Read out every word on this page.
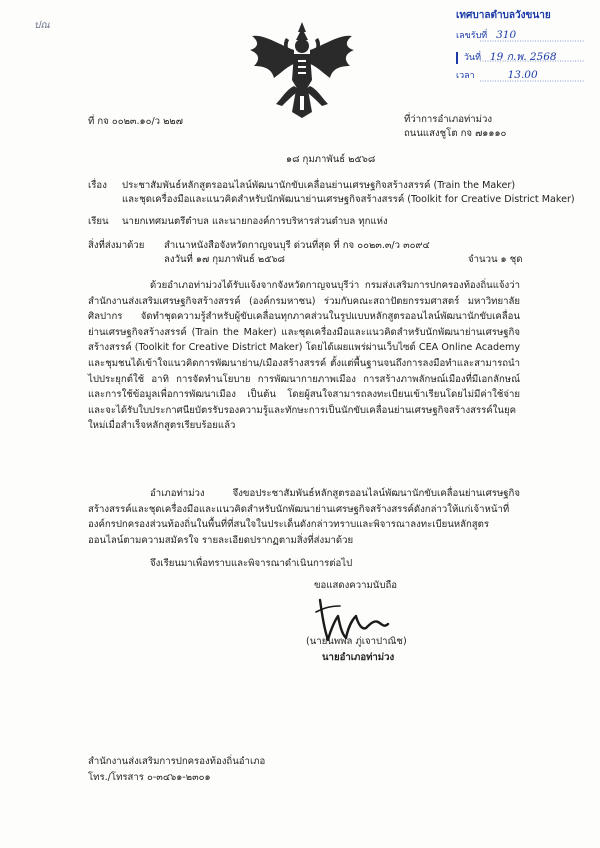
ปณ
เทศบาลตำบลวังขนาย
เลขรับที่ 310
วันที่ 19 ก.พ. 2568
เวลา	13.00
ที่ กจ ๐๐๒๓.๑๐/ว ๒๒๗	ที่ว่าการอำเภอท่าม่วง
ถนนแสงชูโต กจ ๗๑๑๑๐
๑๘ กุมภาพันธ์ ๒๕๖๘
เรื่อง ประชาสัมพันธ์หลักสูตรออนไลน์พัฒนานักขับเคลื่อนย่านเศรษฐกิจสร้างสรรค์ (Train the Maker)
และชุดเครื่องมือและแนวคิดสำหรับนักพัฒนาย่านเศรษฐกิจสร้างสรรค์ (Toolkit for Creative District Maker)
เรียน นายกเทศมนตรีตำบล และนายกองค์การบริหารส่วนตำบล ทุกแห่ง
สิ่งที่ส่งมาด้วย สำเนาหนังสือจังหวัดกาญจนบุรี ด่วนที่สุด ที่ กจ ๐๐๒๓.๓/ว ๓๐๙๔
ลงวันที่ ๑๗ กุมภาพันธ์ ๒๕๖๘	จำนวน ๑ ชุด
ด้วยอำเภอท่าม่วงได้รับแจ้งจากจังหวัดกาญจนบุรีว่า กรมส่งเสริมการปกครองท้องถิ่นแจ้งว่า สำนักงานส่งเสริมเศรษฐกิจสร้างสรรค์ (องค์กรมหาชน) ร่วมกับคณะสถาปัตยกรรมศาสตร์ มหาวิทยาลัยศิลปากร จัดทำชุดความรู้สำหรับผู้ขับเคลื่อนทุกภาคส่วนในรูปแบบหลักสูตรออนไลน์พัฒนานักขับเคลื่อนย่านเศรษฐกิจสร้างสรรค์ (Train the Maker) และชุดเครื่องมือและแนวคิดสำหรับนักพัฒนาย่านเศรษฐกิจสร้างสรรค์ (Toolkit for Creative District Maker) โดยได้เผยแพร่ผ่านเว็บไซต์ CEA Online Academy และชุมชนได้เข้าใจแนวคิดการพัฒนาย่าน/เมืองสร้างสรรค์ ตั้งแต่พื้นฐานจนถึงการลงมือทำและสามารถนำไปประยุกต์ใช้ อาทิ การจัดทำนโยบาย การพัฒนากายภาพเมือง การสร้างภาพลักษณ์เมืองที่มีเอกลักษณ์และการใช้ข้อมูลเพื่อการพัฒนาเมือง เป็นต้น โดยผู้สนใจสามารถลงทะเบียนเข้าเรียนโดยไม่มีค่าใช้จ่าย และจะได้รับใบประกาศนียบัตรรับรองความรู้และทักษะการเป็นนักขับเคลื่อนย่านเศรษฐกิจสร้างสรรค์ในยุคใหม่เมื่อสำเร็จหลักสูตรเรียบร้อยแล้ว
อำเภอท่าม่วง จึงขอประชาสัมพันธ์หลักสูตรออนไลน์พัฒนานักขับเคลื่อนย่านเศรษฐกิจสร้างสรรค์และชุดเครื่องมือและแนวคิดสำหรับนักพัฒนาย่านเศรษฐกิจสร้างสรรค์ดังกล่าวให้แก่เจ้าหน้าที่องค์กรปกครองส่วนท้องถิ่นในพื้นที่ที่สนใจในประเด็นดังกล่าวทราบและพิจารณาลงทะเบียนหลักสูตรออนไลน์ตามความสมัครใจ รายละเอียดปรากฏตามสิ่งที่ส่งมาด้วย
จึงเรียนมาเพื่อทราบและพิจารณาดำเนินการต่อไป
ขอแสดงความนับถือ
(นายนพพล ภู่เจาปาณิช)
นายอำเภอท่าม่วง
สำนักงานส่งเสริมการปกครองท้องถิ่นอำเภอ
โทร./โทรสาร ๐-๓๔๖๑-๒๓๐๑
